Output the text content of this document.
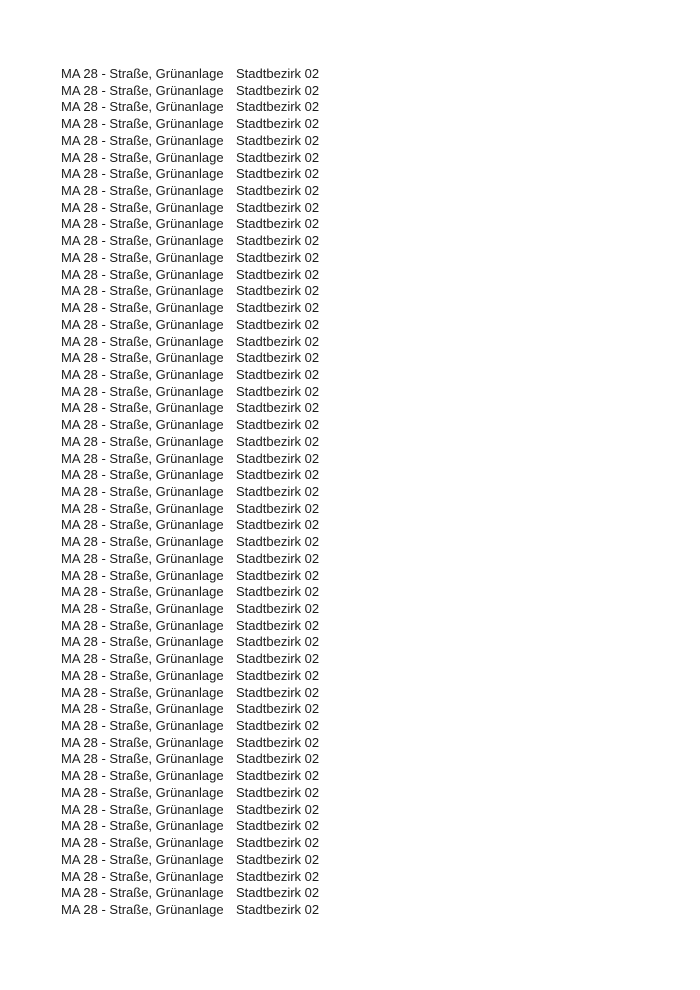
MA 28 - Straße, Grünanlage Stadtbezirk 02
MA 28 - Straße, Grünanlage Stadtbezirk 02
MA 28 - Straße, Grünanlage Stadtbezirk 02
MA 28 - Straße, Grünanlage Stadtbezirk 02
MA 28 - Straße, Grünanlage Stadtbezirk 02
MA 28 - Straße, Grünanlage Stadtbezirk 02
MA 28 - Straße, Grünanlage Stadtbezirk 02
MA 28 - Straße, Grünanlage Stadtbezirk 02
MA 28 - Straße, Grünanlage Stadtbezirk 02
MA 28 - Straße, Grünanlage Stadtbezirk 02
MA 28 - Straße, Grünanlage Stadtbezirk 02
MA 28 - Straße, Grünanlage Stadtbezirk 02
MA 28 - Straße, Grünanlage Stadtbezirk 02
MA 28 - Straße, Grünanlage Stadtbezirk 02
MA 28 - Straße, Grünanlage Stadtbezirk 02
MA 28 - Straße, Grünanlage Stadtbezirk 02
MA 28 - Straße, Grünanlage Stadtbezirk 02
MA 28 - Straße, Grünanlage Stadtbezirk 02
MA 28 - Straße, Grünanlage Stadtbezirk 02
MA 28 - Straße, Grünanlage Stadtbezirk 02
MA 28 - Straße, Grünanlage Stadtbezirk 02
MA 28 - Straße, Grünanlage Stadtbezirk 02
MA 28 - Straße, Grünanlage Stadtbezirk 02
MA 28 - Straße, Grünanlage Stadtbezirk 02
MA 28 - Straße, Grünanlage Stadtbezirk 02
MA 28 - Straße, Grünanlage Stadtbezirk 02
MA 28 - Straße, Grünanlage Stadtbezirk 02
MA 28 - Straße, Grünanlage Stadtbezirk 02
MA 28 - Straße, Grünanlage Stadtbezirk 02
MA 28 - Straße, Grünanlage Stadtbezirk 02
MA 28 - Straße, Grünanlage Stadtbezirk 02
MA 28 - Straße, Grünanlage Stadtbezirk 02
MA 28 - Straße, Grünanlage Stadtbezirk 02
MA 28 - Straße, Grünanlage Stadtbezirk 02
MA 28 - Straße, Grünanlage Stadtbezirk 02
MA 28 - Straße, Grünanlage Stadtbezirk 02
MA 28 - Straße, Grünanlage Stadtbezirk 02
MA 28 - Straße, Grünanlage Stadtbezirk 02
MA 28 - Straße, Grünanlage Stadtbezirk 02
MA 28 - Straße, Grünanlage Stadtbezirk 02
MA 28 - Straße, Grünanlage Stadtbezirk 02
MA 28 - Straße, Grünanlage Stadtbezirk 02
MA 28 - Straße, Grünanlage Stadtbezirk 02
MA 28 - Straße, Grünanlage Stadtbezirk 02
MA 28 - Straße, Grünanlage Stadtbezirk 02
MA 28 - Straße, Grünanlage Stadtbezirk 02
MA 28 - Straße, Grünanlage Stadtbezirk 02
MA 28 - Straße, Grünanlage Stadtbezirk 02
MA 28 - Straße, Grünanlage Stadtbezirk 02
MA 28 - Straße, Grünanlage Stadtbezirk 02
MA 28 - Straße, Grünanlage Stadtbezirk 02
